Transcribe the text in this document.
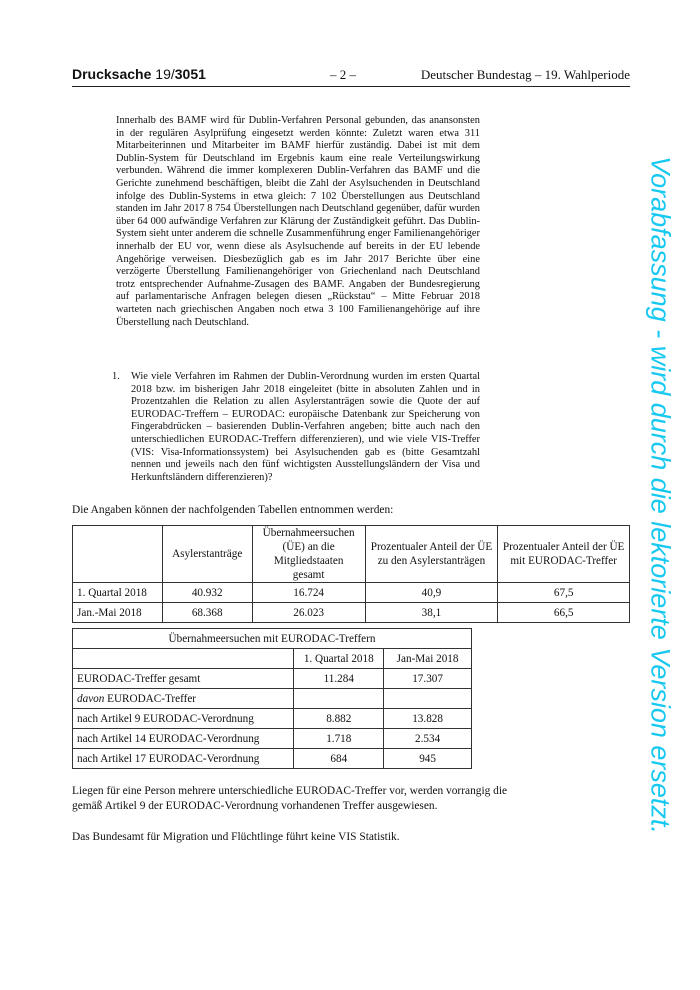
Drucksache 19/3051	– 2 –	Deutscher Bundestag – 19. Wahlperiode
Innerhalb des BAMF wird für Dublin-Verfahren Personal gebunden, das anansonsten in der regulären Asylprüfung eingesetzt werden könnte: Zuletzt waren etwa 311 Mitarbeiterinnen und Mitarbeiter im BAMF hierfür zuständig. Dabei ist mit dem Dublin-System für Deutschland im Ergebnis kaum eine reale Verteilungswirkung verbunden. Während die immer komplexeren Dublin-Verfahren das BAMF und die Gerichte zunehmend beschäftigen, bleibt die Zahl der Asylsuchenden in Deutschland infolge des Dublin-Systems in etwa gleich: 7 102 Überstellungen aus Deutschland standen im Jahr 2017 8 754 Überstellungen nach Deutschland gegenüber, dafür wurden über 64 000 aufwändige Verfahren zur Klärung der Zuständigkeit geführt. Das Dublin-System sieht unter anderem die schnelle Zusammenführung enger Familienangehöriger innerhalb der EU vor, wenn diese als Asylsuchende auf bereits in der EU lebende Angehörige verweisen. Diesbezüglich gab es im Jahr 2017 Berichte über eine verzögerte Überstellung Familienangehöriger von Griechenland nach Deutschland trotz entsprechender Aufnahme-Zusagen des BAMF. Angaben der Bundesregierung auf parlamentarische Anfragen belegen diesen „Rückstau“ – Mitte Februar 2018 warteten nach griechischen Angaben noch etwa 3 100 Familienangehörige auf ihre Überstellung nach Deutschland.
1. Wie viele Verfahren im Rahmen der Dublin-Verordnung wurden im ersten Quartal 2018 bzw. im bisherigen Jahr 2018 eingeleitet (bitte in absoluten Zahlen und in Prozentzahlen die Relation zu allen Asylerstanträgen sowie die Quote der auf EURODAC-Treffern – EURODAC: europäische Datenbank zur Speicherung von Fingerabdrücken – basierenden Dublin-Verfahren angeben; bitte auch nach den unterschiedlichen EURODAC-Treffern differenzieren), und wie viele VIS-Treffer (VIS: Visa-Informationssystem) bei Asylsuchenden gab es (bitte Gesamtzahl nennen und jeweils nach den fünf wichtigsten Ausstellungsländern der Visa und Herkunftsländern differenzieren)?
Die Angaben können der nachfolgenden Tabellen entnommen werden:
	Asylerstanträge	Übernahmeersuchen (ÜE) an die Mitgliedstaaten gesamt	Prozentualer Anteil der ÜE zu den Asylerstanträgen	Prozentualer Anteil der ÜE mit EURODAC-Treffer
1. Quartal 2018	40.932	16.724	40,9	67,5
Jan.-Mai 2018	68.368	26.023	38,1	66,5
Übernahmeersuchen mit EURODAC-Treffern		
	1. Quartal 2018	Jan-Mai 2018
EURODAC-Treffer gesamt	11.284	17.307
davon EURODAC-Treffer		
nach Artikel 9 EURODAC-Verordnung	8.882	13.828
nach Artikel 14 EURODAC-Verordnung	1.718	2.534
nach Artikel 17 EURODAC-Verordnung	684	945
Liegen für eine Person mehrere unterschiedliche EURODAC-Treffer vor, werden vorrangig die gemäß Artikel 9 der EURODAC-Verordnung vorhandenen Treffer ausgewiesen.
Das Bundesamt für Migration und Flüchtlinge führt keine VIS Statistik.
Vorabfassung - wird durch die lektorierte Version ersetzt.
